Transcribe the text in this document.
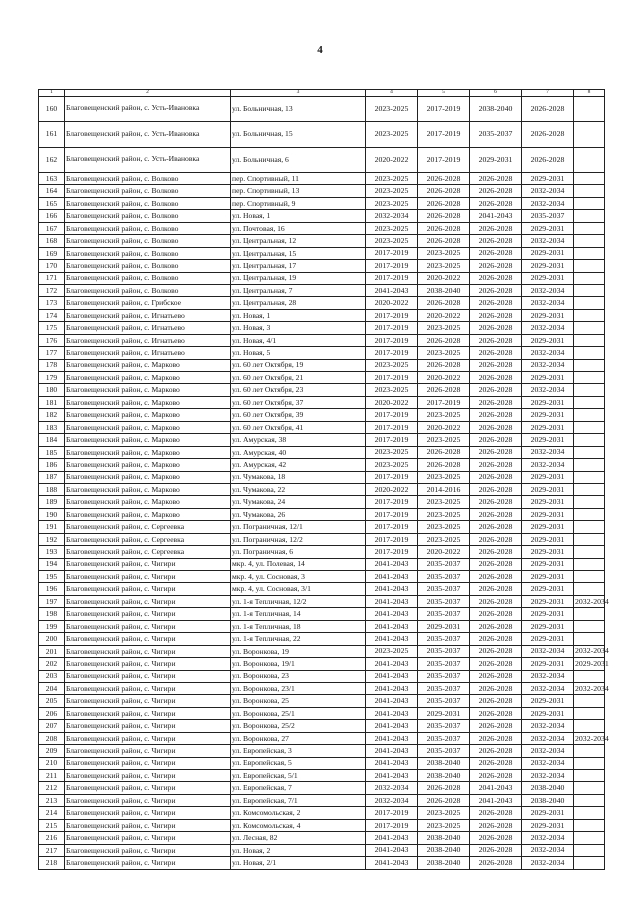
4
1	2	3	4	5	6	7	8
160	Благовещенский район, с. Усть-Ивановка	ул. Больничная, 13	2023-2025	2017-2019	2038-2040	2026-2028	
161	Благовещенский район, с. Усть-Ивановка	ул. Больничная, 15	2023-2025	2017-2019	2035-2037	2026-2028	
162	Благовещенский район, с. Усть-Ивановка	ул. Больничная, 6	2020-2022	2017-2019	2029-2031	2026-2028	
163	Благовещенский район, с. Волково	пер. Спортивный, 11	2023-2025	2026-2028	2026-2028	2029-2031	
164	Благовещенский район, с. Волково	пер. Спортивный, 13	2023-2025	2026-2028	2026-2028	2032-2034	
165	Благовещенский район, с. Волково	пер. Спортивный, 9	2023-2025	2026-2028	2026-2028	2032-2034	
166	Благовещенский район, с. Волково	ул. Новая, 1	2032-2034	2026-2028	2041-2043	2035-2037	
167	Благовещенский район, с. Волково	ул. Почтовая, 16	2023-2025	2026-2028	2026-2028	2029-2031	
168	Благовещенский район, с. Волково	ул. Центральная, 12	2023-2025	2026-2028	2026-2028	2032-2034	
169	Благовещенский район, с. Волково	ул. Центральная, 15	2017-2019	2023-2025	2026-2028	2029-2031	
170	Благовещенский район, с. Волково	ул. Центральная, 17	2017-2019	2023-2025	2026-2028	2029-2031	
171	Благовещенский район, с. Волково	ул. Центральная, 19	2017-2019	2020-2022	2026-2028	2029-2031	
172	Благовещенский район, с. Волково	ул. Центральная, 7	2041-2043	2038-2040	2026-2028	2032-2034	
173	Благовещенский район, с. Грибское	ул. Центральная, 28	2020-2022	2026-2028	2026-2028	2032-2034	
174	Благовещенский район, с. Игнатьево	ул. Новая, 1	2017-2019	2020-2022	2026-2028	2029-2031	
175	Благовещенский район, с. Игнатьево	ул. Новая, 3	2017-2019	2023-2025	2026-2028	2032-2034	
176	Благовещенский район, с. Игнатьево	ул. Новая, 4/1	2017-2019	2026-2028	2026-2028	2029-2031	
177	Благовещенский район, с. Игнатьево	ул. Новая, 5	2017-2019	2023-2025	2026-2028	2032-2034	
178	Благовещенский район, с. Марково	ул. 60 лет Октября, 19	2023-2025	2026-2028	2026-2028	2032-2034	
179	Благовещенский район, с. Марково	ул. 60 лет Октября, 21	2017-2019	2020-2022	2026-2028	2029-2031	
180	Благовещенский район, с. Марково	ул. 60 лет Октября, 23	2023-2025	2026-2028	2026-2028	2032-2034	
181	Благовещенский район, с. Марково	ул. 60 лет Октября, 37	2020-2022	2017-2019	2026-2028	2029-2031	
182	Благовещенский район, с. Марково	ул. 60 лет Октября, 39	2017-2019	2023-2025	2026-2028	2029-2031	
183	Благовещенский район, с. Марково	ул. 60 лет Октября, 41	2017-2019	2020-2022	2026-2028	2029-2031	
184	Благовещенский район, с. Марково	ул. Амурская, 38	2017-2019	2023-2025	2026-2028	2029-2031	
185	Благовещенский район, с. Марково	ул. Амурская, 40	2023-2025	2026-2028	2026-2028	2032-2034	
186	Благовещенский район, с. Марково	ул. Амурская, 42	2023-2025	2026-2028	2026-2028	2032-2034	
187	Благовещенский район, с. Марково	ул. Чумакова, 18	2017-2019	2023-2025	2026-2028	2029-2031	
188	Благовещенский район, с. Марково	ул. Чумакова, 22	2020-2022	2014-2016	2026-2028	2029-2031	
189	Благовещенский район, с. Марково	ул. Чумакова, 24	2017-2019	2023-2025	2026-2028	2029-2031	
190	Благовещенский район, с. Марково	ул. Чумакова, 26	2017-2019	2023-2025	2026-2028	2029-2031	
191	Благовещенский район, с. Сергеевка	ул. Пограничная, 12/1	2017-2019	2023-2025	2026-2028	2029-2031	
192	Благовещенский район, с. Сергеевка	ул. Пограничная, 12/2	2017-2019	2023-2025	2026-2028	2029-2031	
193	Благовещенский район, с. Сергеевка	ул. Пограничная, 6	2017-2019	2020-2022	2026-2028	2029-2031	
194	Благовещенский район, с. Чигири	мкр. 4, ул. Полевая, 14	2041-2043	2035-2037	2026-2028	2029-2031	
195	Благовещенский район, с. Чигири	мкр. 4, ул. Сосновая, 3	2041-2043	2035-2037	2026-2028	2029-2031	
196	Благовещенский район, с. Чигири	мкр. 4, ул. Сосновая, 3/1	2041-2043	2035-2037	2026-2028	2029-2031	
197	Благовещенский район, с. Чигири	ул. 1-я Тепличная, 12/2	2041-2043	2035-2037	2026-2028	2029-2031	2032-2034
198	Благовещенский район, с. Чигири	ул. 1-я Тепличная, 14	2041-2043	2035-2037	2026-2028	2029-2031	
199	Благовещенский район, с. Чигири	ул. 1-я Тепличная, 18	2041-2043	2029-2031	2026-2028	2029-2031	
200	Благовещенский район, с. Чигири	ул. 1-я Тепличная, 22	2041-2043	2035-2037	2026-2028	2029-2031	
201	Благовещенский район, с. Чигири	ул. Воронкова, 19	2023-2025	2035-2037	2026-2028	2032-2034	2032-2034
202	Благовещенский район, с. Чигири	ул. Воронкова, 19/1	2041-2043	2035-2037	2026-2028	2029-2031	2029-2031
203	Благовещенский район, с. Чигири	ул. Воронкова, 23	2041-2043	2035-2037	2026-2028	2032-2034	
204	Благовещенский район, с. Чигири	ул. Воронкова, 23/1	2041-2043	2035-2037	2026-2028	2032-2034	2032-2034
205	Благовещенский район, с. Чигири	ул. Воронкова, 25	2041-2043	2035-2037	2026-2028	2029-2031	
206	Благовещенский район, с. Чигири	ул. Воронкова, 25/1	2041-2043	2029-2031	2026-2028	2029-2031	
207	Благовещенский район, с. Чигири	ул. Воронкова, 25/2	2041-2043	2035-2037	2026-2028	2032-2034	
208	Благовещенский район, с. Чигири	ул. Воронкова, 27	2041-2043	2035-2037	2026-2028	2032-2034	2032-2034
209	Благовещенский район, с. Чигири	ул. Европейская, 3	2041-2043	2035-2037	2026-2028	2032-2034	
210	Благовещенский район, с. Чигири	ул. Европейская, 5	2041-2043	2038-2040	2026-2028	2032-2034	
211	Благовещенский район, с. Чигири	ул. Европейская, 5/1	2041-2043	2038-2040	2026-2028	2032-2034	
212	Благовещенский район, с. Чигири	ул. Европейская, 7	2032-2034	2026-2028	2041-2043	2038-2040	
213	Благовещенский район, с. Чигири	ул. Европейская, 7/1	2032-2034	2026-2028	2041-2043	2038-2040	
214	Благовещенский район, с. Чигири	ул. Комсомольская, 2	2017-2019	2023-2025	2026-2028	2029-2031	
215	Благовещенский район, с. Чигири	ул. Комсомольская, 4	2017-2019	2023-2025	2026-2028	2029-2031	
216	Благовещенский район, с. Чигири	ул. Лесная, 82	2041-2043	2038-2040	2026-2028	2032-2034	
217	Благовещенский район, с. Чигири	ул. Новая, 2	2041-2043	2038-2040	2026-2028	2032-2034	
218	Благовещенский район, с. Чигири	ул. Новая, 2/1	2041-2043	2038-2040	2026-2028	2032-2034	
